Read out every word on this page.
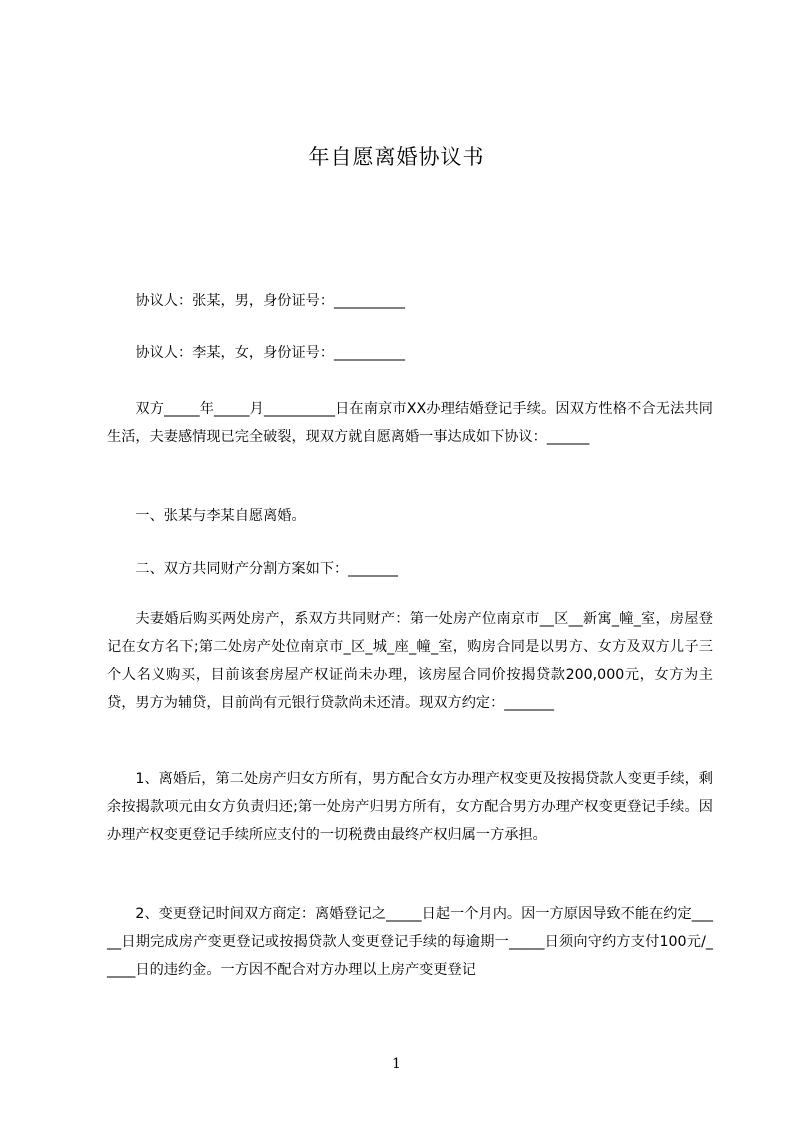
年自愿离婚协议书

协议人：张某，男，身份证号：__________

协议人：李某，女，身份证号：__________

双方_____年_____月__________日在南京市XX办理结婚登记手续。因双方性格不合无法共同生活，夫妻感情现已完全破裂，现双方就自愿离婚一事达成如下协议：______

一、张某与李某自愿离婚。

二、双方共同财产分割方案如下：_______

夫妻婚后购买两处房产，系双方共同财产：第一处房产位南京市__区__新寓_幢_室，房屋登记在女方名下;第二处房产处位南京市_区_城_座_幢_室，购房合同是以男方、女方及双方儿子三个人名义购买，目前该套房屋产权证尚未办理，该房屋合同价按揭贷款200,000元，女方为主贷，男方为辅贷，目前尚有元银行贷款尚未还清。现双方约定：_______

1、离婚后，第二处房产归女方所有，男方配合女方办理产权变更及按揭贷款人变更手续，剩余按揭款项元由女方负责归还;第一处房产归男方所有，女方配合男方办理产权变更登记手续。因办理产权变更登记手续所应支付的一切税费由最终产权归属一方承担。

2、变更登记时间双方商定：离婚登记之_____日起一个月内。因一方原因导致不能在约定_____日期完成房产变更登记或按揭贷款人变更登记手续的每逾期一_____日须向守约方支付100元/_____日的违约金。一方因不配合对方办理以上房产变更登记

1
